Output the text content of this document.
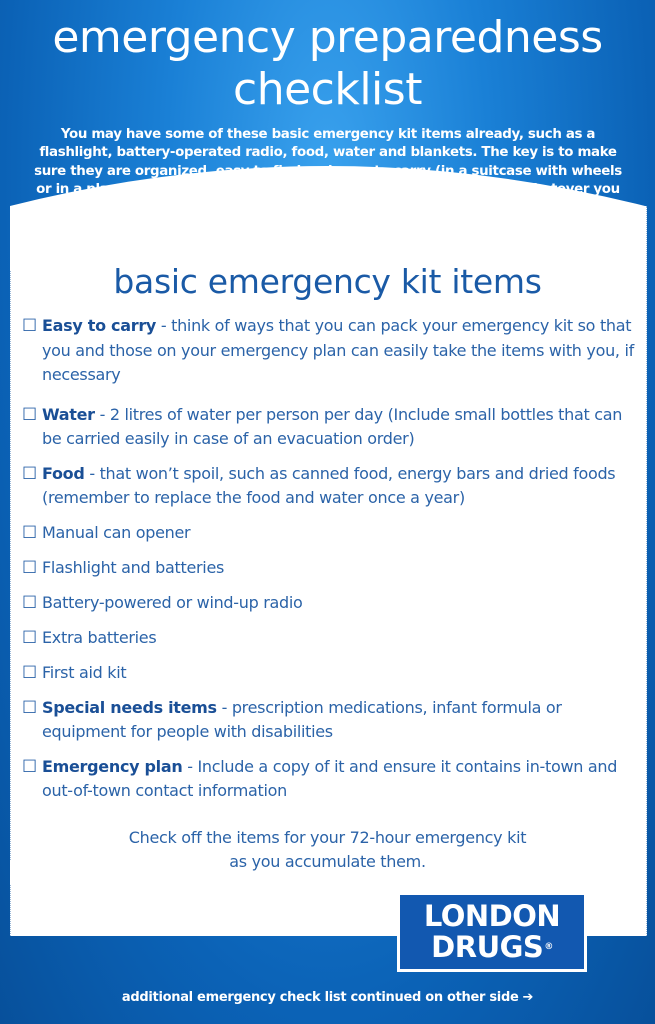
emergency preparedness
checklist

You may have some of these basic emergency kit items already, such as a flashlight, battery-operated radio, food, water and blankets. The key is to make sure they are organized, easy to find and easy to carry (in a suitcase with wheels or in a plastic container) in case you need to evacuate your home. Whatever you do, don’t wait for a disaster to happen.

basic emergency kit items
☐ Easy to carry - think of ways that you can pack your emergency kit so that you and those on your emergency plan can easily take the items with you, if necessary
☐ Water - 2 litres of water per person per day (Include small bottles that can be carried easily in case of an evacuation order)
☐ Food - that won’t spoil, such as canned food, energy bars and dried foods (remember to replace the food and water once a year)
☐ Manual can opener
☐ Flashlight and batteries
☐ Battery-powered or wind-up radio
☐ Extra batteries
☐ First aid kit
☐ Special needs items - prescription medications, infant formula or equipment for people with disabilities
☐ Emergency plan - Include a copy of it and ensure it contains in-town and out-of-town contact information

Check off the items for your 72-hour emergency kit
as you accumulate them.

LONDON
DRUGS®

additional emergency check list continued on other side ➔
